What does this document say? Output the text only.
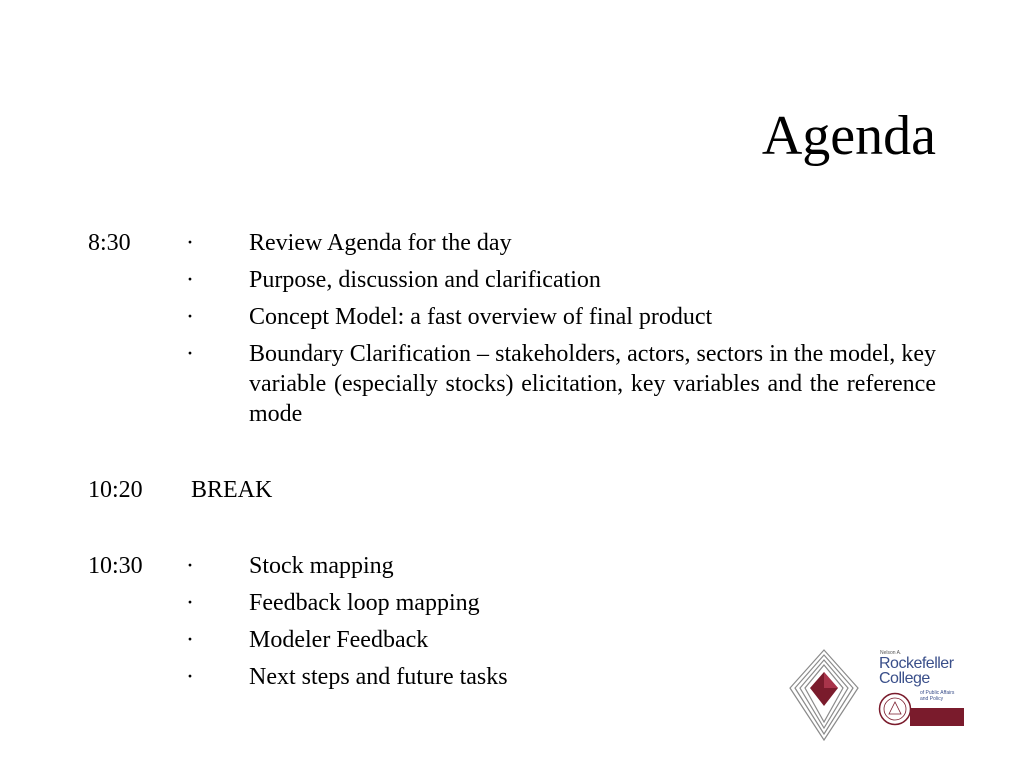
Agenda
8:30 · Review Agenda for the day
· Purpose, discussion and clarification
· Concept Model: a fast overview of final product
· Boundary Clarification – stakeholders, actors, sectors in the model, key variable (especially stocks) elicitation, key variables and the reference mode
10:20 BREAK
10:30 · Stock mapping
· Feedback loop mapping
· Modeler Feedback
· Next steps and future tasks
Nelson A.
Rockefeller
College
of Public Affairs and Policy
